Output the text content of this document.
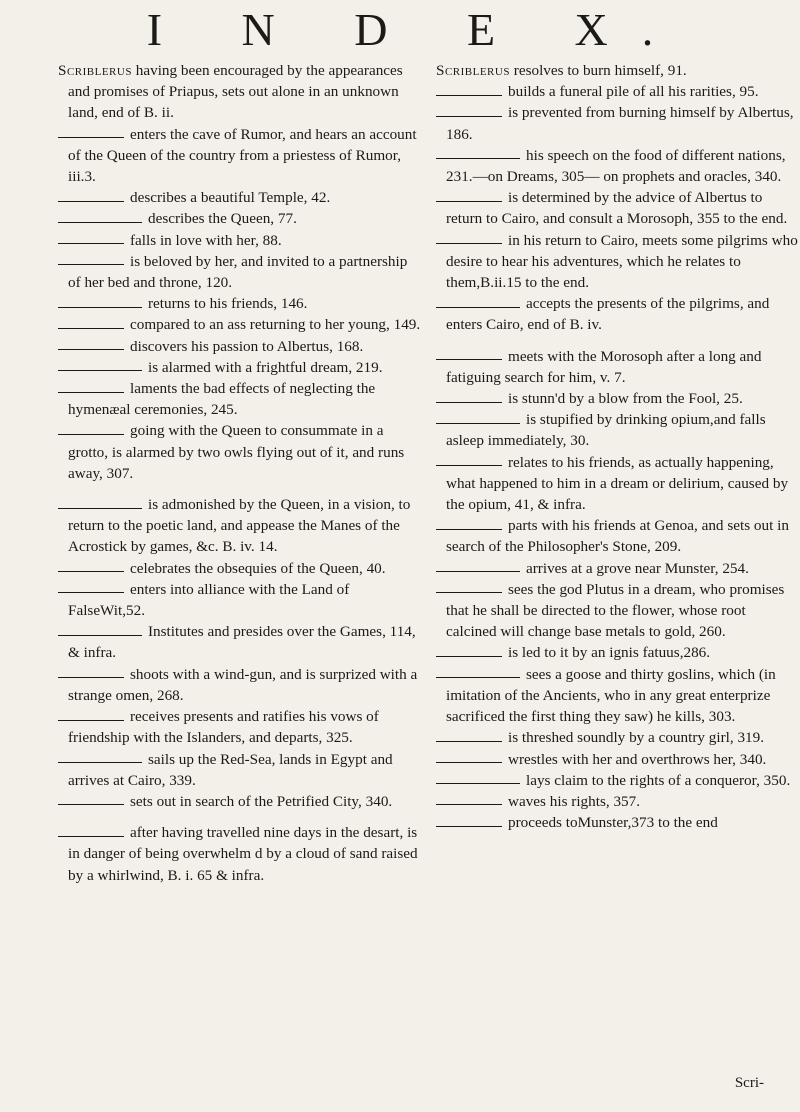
I N D E X.

Scriblerus having been encouraged by the appearances and promises of Priapus, sets out alone in an unknown land, end of B. ii.

enters the cave of Rumor, and hears an account of the Queen of the country from a priestess of Rumor, iii.3.

describes a beautiful Temple, 42.

describes the Queen, 77.

falls in love with her, 88.

is beloved by her, and invited to a partnership of her bed and throne, 120.

returns to his friends, 146.

compared to an ass returning to her young, 149.

discovers his passion to Albertus, 168.

is alarmed with a frightful dream, 219.

laments the bad effects of neglecting the hymenæal ceremonies, 245.

going with the Queen to consummate in a grotto, is alarmed by two owls flying out of it, and runs away, 307.

is admonished by the Queen, in a vision, to return to the poetic land, and appease the Manes of the Acrostick by games, &c. B. iv. 14.

celebrates the obsequies of the Queen, 40.

enters into alliance with the Land of FalseWit,52.

Institutes and presides over the Games, 114, & infra.

shoots with a wind-gun, and is surprized with a strange omen, 268.

receives presents and ratifies his vows of friendship with the Islanders, and departs, 325.

sails up the Red-Sea, lands in Egypt and arrives at Cairo, 339.

sets out in search of the Petrified City, 340.

after having travelled nine days in the desart, is in danger of being overwhelm d by a cloud of sand raised by a whirlwind, B. i. 65 & infra.

Scriblerus resolves to burn himself, 91.

builds a funeral pile of all his rarities, 95.

is prevented from burning himself by Albertus, 186.

his speech on the food of different nations, 231.—on Dreams, 305— on prophets and oracles, 340.

is determined by the advice of Albertus to return to Cairo, and consult a Morosoph, 355 to the end.

in his return to Cairo, meets some pilgrims who desire to hear his adventures, which he relates to them,B.ii.15 to the end.

accepts the presents of the pilgrims, and enters Cairo, end of B. iv.

meets with the Morosoph after a long and fatiguing search for him, v. 7.

is stunn'd by a blow from the Fool, 25.

is stupified by drinking opium,and falls asleep immediately, 30.

relates to his friends, as actually happening, what happened to him in a dream or delirium, caused by the opium, 41, & infra.

parts with his friends at Genoa, and sets out in search of the Philosopher's Stone, 209.

arrives at a grove near Munster, 254.

sees the god Plutus in a dream, who promises that he shall be directed to the flower, whose root calcined will change base metals to gold, 260.

is led to it by an ignis fatuus,286.

sees a goose and thirty goslins, which (in imitation of the Ancients, who in any great enterprize sacrificed the first thing they saw) he kills, 303.

is threshed soundly by a country girl, 319.

wrestles with her and overthrows her, 340.

lays claim to the rights of a conqueror, 350.

waves his rights, 357.

proceeds toMunster,373 to the end

Scri-
